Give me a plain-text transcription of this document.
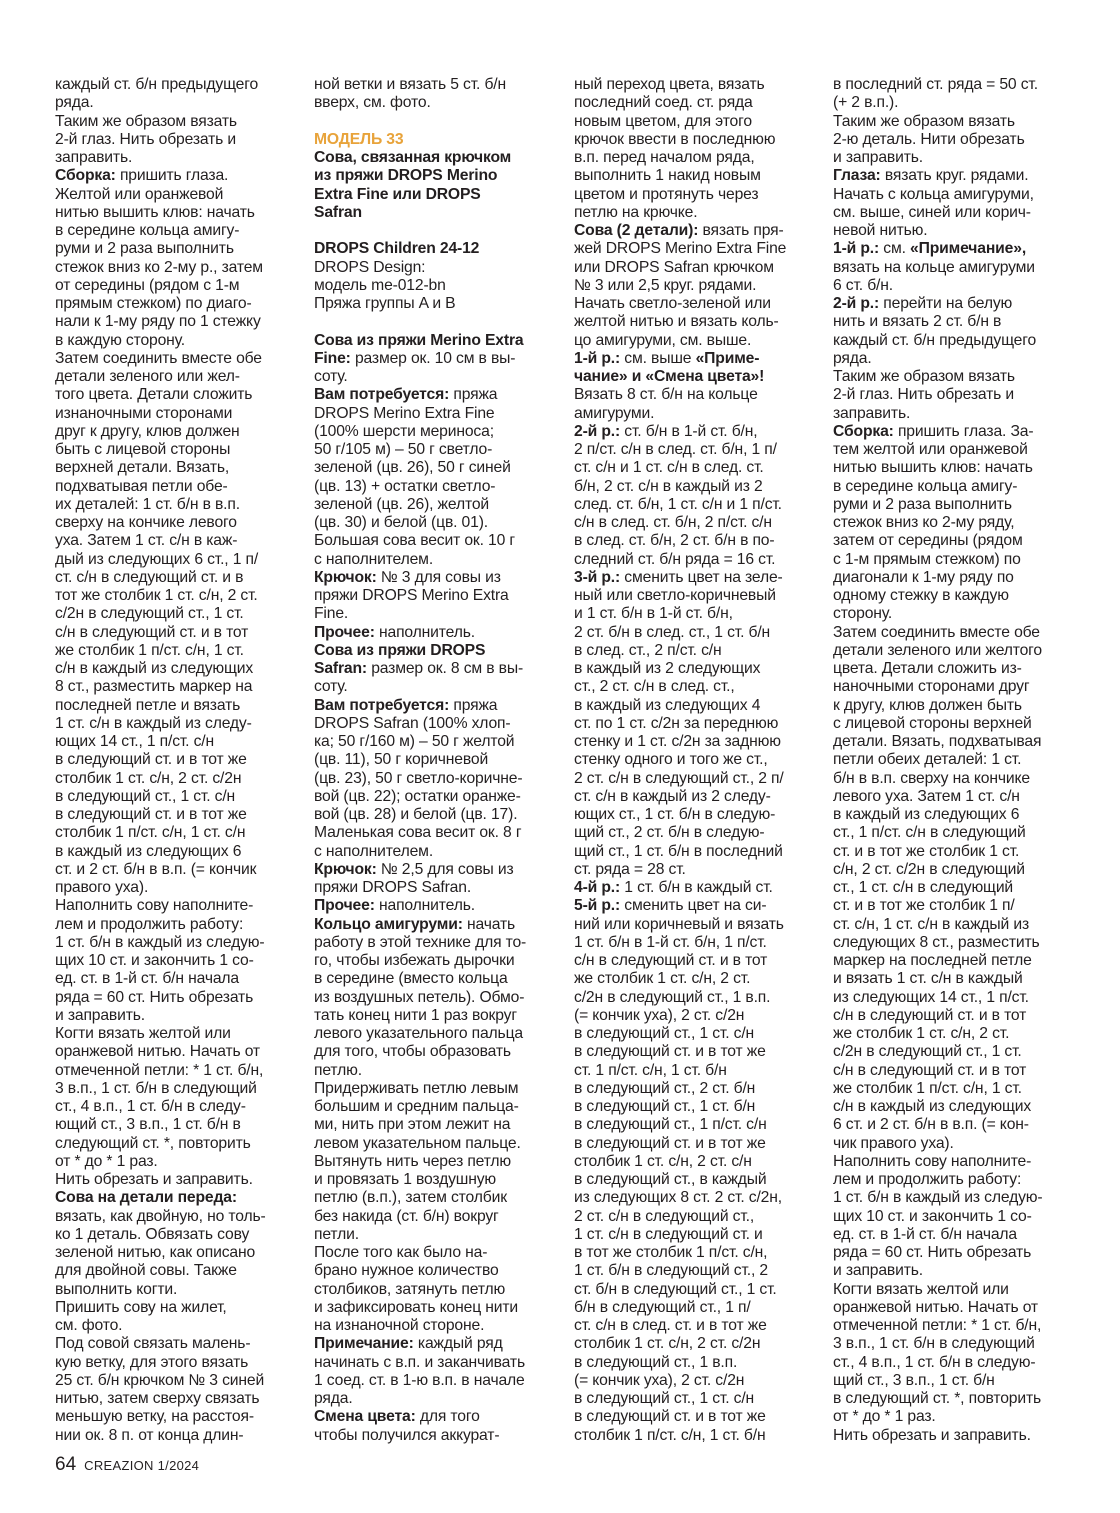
каждый ст. б/н предыдущего
ряда.
Таким же образом вязать
2-й глаз. Нить обрезать и
заправить.

Сборка: пришить глаза.
Желтой или оранжевой
нитью вышить клюв: начать
в середине кольца амигу-
руми и 2 раза выполнить
стежок вниз ко 2-му р., затем
от середины (рядом с 1-м
прямым стежком) по диаго-
нали к 1-му ряду по 1 стежку
в каждую сторону.
Затем соединить вместе обе
детали зеленого или жел-
того цвета. Детали сложить
изнаночными сторонами
друг к другу, клюв должен
быть с лицевой стороны
верхней детали. Вязать,
подхватывая петли обе-
их деталей: 1 ст. б/н в в.п.
сверху на кончике левого
уха. Затем 1 ст. с/н в каж-
дый из следующих 6 ст., 1 п/
ст. с/н в следующий ст. и в
тот же столбик 1 ст. с/н, 2 ст.
с/2н в следующий ст., 1 ст.
с/н в следующий ст. и в тот
же столбик 1 п/ст. с/н, 1 ст.
с/н в каждый из следующих
8 ст., разместить маркер на
последней петле и вязать
1 ст. с/н в каждый из следу-
ющих 14 ст., 1 п/ст. с/н
в следующий ст. и в тот же
столбик 1 ст. с/н, 2 ст. с/2н
в следующий ст., 1 ст. с/н
в следующий ст. и в тот же
столбик 1 п/ст. с/н, 1 ст. с/н
в каждый из следующих 6
ст. и 2 ст. б/н в в.п. (= кончик
правого уха).
Наполнить сову наполните-
лем и продолжить работу:
1 ст. б/н в каждый из следую-
щих 10 ст. и закончить 1 со-
ед. ст. в 1-й ст. б/н начала
ряда = 60 ст. Нить обрезать
и заправить.
Когти вязать желтой или
оранжевой нитью. Начать от
отмеченной петли: * 1 ст. б/н,
3 в.п., 1 ст. б/н в следующий
ст., 4 в.п., 1 ст. б/н в следу-
ющий ст., 3 в.п., 1 ст. б/н в
следующий ст. *, повторить
от * до * 1 раз.
Нить обрезать и заправить.

Сова на детали переда:
вязать, как двойную, но толь-
ко 1 деталь. Обвязать сову
зеленой нитью, как описано
для двойной совы. Также
выполнить когти.
Пришить сову на жилет,
см. фото.
Под совой связать малень-
кую ветку, для этого вязать
25 ст. б/н крючком № 3 синей
нитью, затем сверху связать
меньшую ветку, на расстоя-
нии ок. 8 п. от конца длин-

ной ветки и вязать 5 ст. б/н
вверх, см. фото.

МОДЕЛЬ 33

Сова, связанная крючком
из пряжи DROPS Merino
Extra Fine или DROPS
Safran

DROPS Children 24-12

DROPS Design:
модель me-012-bn
Пряжа группы A и B

Сова из пряжи Merino Extra
Fine: размер ок. 10 см в вы-
соту.

Вам потребуется: пряжа
DROPS Merino Extra Fine
(100% шерсти мериноса;
50 г/105 м) – 50 г светло-
зеленой (цв. 26), 50 г синей
(цв. 13) + остатки светло-
зеленой (цв. 26), желтой
(цв. 30) и белой (цв. 01).
Большая сова весит ок. 10 г
с наполнителем.

Крючок: № 3 для совы из
пряжи DROPS Merino Extra
Fine.

Прочее: наполнитель.

Сова из пряжи DROPS
Safran: размер ок. 8 см в вы-
соту.

Вам потребуется: пряжа
DROPS Safran (100% хлоп-
ка; 50 г/160 м) – 50 г желтой
(цв. 11), 50 г коричневой
(цв. 23), 50 г светло-коричне-
вой (цв. 22); остатки оранже-
вой (цв. 28) и белой (цв. 17).
Маленькая сова весит ок. 8 г
с наполнителем.

Крючок: № 2,5 для совы из
пряжи DROPS Safran.

Прочее: наполнитель.

Кольцо амигуруми: начать
работу в этой технике для то-
го, чтобы избежать дырочки
в середине (вместо кольца
из воздушных петель). Обмо-
тать конец нити 1 раз вокруг
левого указательного пальца
для того, чтобы образовать
петлю.
Придерживать петлю левым
большим и средним пальца-
ми, нить при этом лежит на
левом указательном пальце.
Вытянуть нить через петлю
и провязать 1 воздушную
петлю (в.п.), затем столбик
без накида (ст. б/н) вокруг
петли.
После того как было на-
брано нужное количество
столбиков, затянуть петлю
и зафиксировать конец нити
на изнаночной стороне.

Примечание: каждый ряд
начинать с в.п. и заканчивать
1 соед. ст. в 1-ю в.п. в начале
ряда.

Смена цвета: для того
чтобы получился аккурат-

ный переход цвета, вязать
последний соед. ст. ряда
новым цветом, для этого
крючок ввести в последнюю
в.п. перед началом ряда,
выполнить 1 накид новым
цветом и протянуть через
петлю на крючке.

Сова (2 детали): вязать пря-
жей DROPS Merino Extra Fine
или DROPS Safran крючком
№ 3 или 2,5 круг. рядами.
Начать светло-зеленой или
желтой нитью и вязать коль-
цо амигуруми, см. выше.

1-й р.: см. выше «Приме-
чание» и «Смена цвета»!
Вязать 8 ст. б/н на кольце
амигуруми.

2-й р.: ст. б/н в 1-й ст. б/н,
2 п/ст. с/н в след. ст. б/н, 1 п/
ст. с/н и 1 ст. с/н в след. ст.
б/н, 2 ст. с/н в каждый из 2
след. ст. б/н, 1 ст. с/н и 1 п/ст.
с/н в след. ст. б/н, 2 п/ст. с/н
в след. ст. б/н, 2 ст. б/н в по-
следний ст. б/н ряда = 16 ст.

3-й р.: сменить цвет на зеле-
ный или светло-коричневый
и 1 ст. б/н в 1-й ст. б/н,
2 ст. б/н в след. ст., 1 ст. б/н
в след. ст., 2 п/ст. с/н
в каждый из 2 следующих
ст., 2 ст. с/н в след. ст.,
в каждый из следующих 4
ст. по 1 ст. с/2н за переднюю
стенку и 1 ст. с/2н за заднюю
стенку одного и того же ст.,
2 ст. с/н в следующий ст., 2 п/
ст. с/н в каждый из 2 следу-
ющих ст., 1 ст. б/н в следую-
щий ст., 2 ст. б/н в следую-
щий ст., 1 ст. б/н в последний
ст. ряда = 28 ст.

4-й р.: 1 ст. б/н в каждый ст.

5-й р.: сменить цвет на си-
ний или коричневый и вязать
1 ст. б/н в 1-й ст. б/н, 1 п/ст.
с/н в следующий ст. и в тот
же столбик 1 ст. с/н, 2 ст.
с/2н в следующий ст., 1 в.п.
(= кончик уха), 2 ст. с/2н
в следующий ст., 1 ст. с/н
в следующий ст. и в тот же
ст. 1 п/ст. с/н, 1 ст. б/н
в следующий ст., 2 ст. б/н
в следующий ст., 1 ст. б/н
в следующий ст., 1 п/ст. с/н
в следующий ст. и в тот же
столбик 1 ст. с/н, 2 ст. с/н
в следующий ст., в каждый
из следующих 8 ст. 2 ст. с/2н,
2 ст. с/н в следующий ст.,
1 ст. с/н в следующий ст. и
в тот же столбик 1 п/ст. с/н,
1 ст. б/н в следующий ст., 2
ст. б/н в следующий ст., 1 ст.
б/н в следующий ст., 1 п/
ст. с/н в след. ст. и в тот же
столбик 1 ст. с/н, 2 ст. с/2н
в следующий ст., 1 в.п.
(= кончик уха), 2 ст. с/2н
в следующий ст., 1 ст. с/н
в следующий ст. и в тот же
столбик 1 п/ст. с/н, 1 ст. б/н

в последний ст. ряда = 50 ст.
(+ 2 в.п.).
Таким же образом вязать
2-ю деталь. Нити обрезать
и заправить.

Глаза: вязать круг. рядами.
Начать с кольца амигуруми,
см. выше, синей или корич-
невой нитью.

1-й р.: см. «Примечание»,
вязать на кольце амигуруми
6 ст. б/н.

2-й р.: перейти на белую
нить и вязать 2 ст. б/н в
каждый ст. б/н предыдущего
ряда.
Таким же образом вязать
2-й глаз. Нить обрезать и
заправить.

Сборка: пришить глаза. За-
тем желтой или оранжевой
нитью вышить клюв: начать
в середине кольца амигу-
руми и 2 раза выполнить
стежок вниз ко 2-му ряду,
затем от середины (рядом
с 1-м прямым стежком) по
диагонали к 1-му ряду по
одному стежку в каждую
сторону.
Затем соединить вместе обе
детали зеленого или желтого
цвета. Детали сложить из-
наночными сторонами друг
к другу, клюв должен быть
с лицевой стороны верхней
детали. Вязать, подхватывая
петли обеих деталей: 1 ст.
б/н в в.п. сверху на кончике
левого уха. Затем 1 ст. с/н
в каждый из следующих 6
ст., 1 п/ст. с/н в следующий
ст. и в тот же столбик 1 ст.
с/н, 2 ст. с/2н в следующий
ст., 1 ст. с/н в следующий
ст. и в тот же столбик 1 п/
ст. с/н, 1 ст. с/н в каждый из
следующих 8 ст., разместить
маркер на последней петле
и вязать 1 ст. с/н в каждый
из следующих 14 ст., 1 п/ст.
с/н в следующий ст. и в тот
же столбик 1 ст. с/н, 2 ст.
с/2н в следующий ст., 1 ст.
с/н в следующий ст. и в тот
же столбик 1 п/ст. с/н, 1 ст.
с/н в каждый из следующих
6 ст. и 2 ст. б/н в в.п. (= кон-
чик правого уха).
Наполнить сову наполните-
лем и продолжить работу:
1 ст. б/н в каждый из следую-
щих 10 ст. и закончить 1 со-
ед. ст. в 1-й ст. б/н начала
ряда = 60 ст. Нить обрезать
и заправить.
Когти вязать желтой или
оранжевой нитью. Начать от
отмеченной петли: * 1 ст. б/н,
3 в.п., 1 ст. б/н в следующий
ст., 4 в.п., 1 ст. б/н в следую-
щий ст., 3 в.п., 1 ст. б/н
в следующий ст. *, повторить
от * до * 1 раз.
Нить обрезать и заправить.

64 CREAZION 1/2024
